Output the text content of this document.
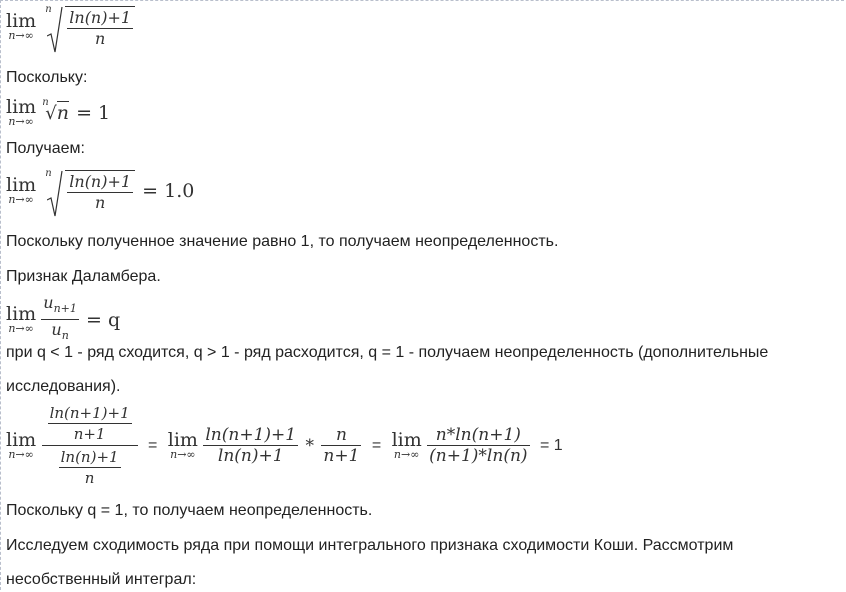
lim
n→∞

n $\frac{\ln(n)+1}{n}$
Поскольку:
lim
n→∞

n
√n = 1
Получаем:
lim
n→∞

n $\frac{\ln(n)+1}{n} = 1.0$
Поскольку полученное значение равно 1, то получаем неопределенность.
Признак Даламбера.
lim
n→∞
$\frac{u_{n+1}}{u_n} = q$
при q < 1 - ряд сходится, q > 1 - ряд расходится, q = 1 - получаем неопределенность (дополнительные
исследования).
lim
n→∞
$\frac{\frac{\ln(n+1)+1}{n+1}}{\frac{\ln(n)+1}{n}} = \lim$
n→∞
$\frac{\ln(n+1)+1}{\ln(n)+1} * \frac{n}{n+1} = \lim$
n→∞
$\frac{n*\ln(n+1)}{(n+1)*\ln(n)} = 1$
Поскольку q = 1, то получаем неопределенность.
Исследуем сходимость ряда при помощи интегрального признака сходимости Коши. Рассмотрим
несобственный интеграл:
